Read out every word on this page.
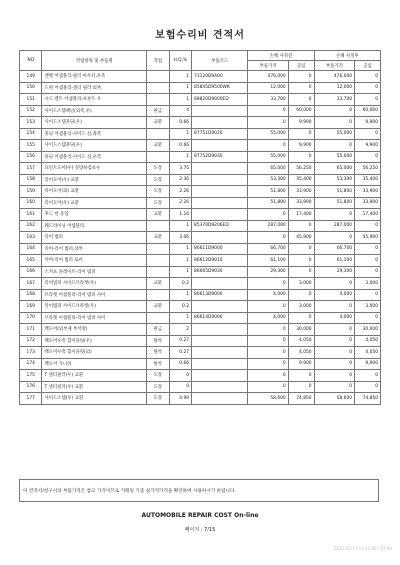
보험수리비 견적서
NO	작업항목 및 부품명	작업	H.Q.%	부품코드	손해 사정전		손해 사정후	
					부품가격	공임	부품가격	공임
149	앤벨 어셈블리-필러 아우터,우측		1	71120D9A00	476,000	0	476,000	0
150	드원 어셈블리-센터 필러 외부,		1	85845D9500WK	12,000	0	12,000	0
151	시드 밸트 어셈블리-프론트 우		1	88820D9000ED	33,700	0	33,700	0
152	사이드스텝패널(외측,우)	판금	4		0	60,000	0	60,000
153	사이드스텝몰딩(우)	교환	0.66		0	9,900	0	9,900
154	몰딩 어셈블리-사이드 실,좌측		1	87751D9020	55,000	0	55,000	0
155	사이드스텝몰딩(우)	교환	0.66		0	9,900	0	9,900
156	몰딩 어셈블리-사이드 실,우측		1	87752D9030	55,000	0	55,000	0
157	프런트도어(우) 질량하검보수	도장	3.75		65,000	56,250	65,000	56,250
158	리어도어(우) 교환	도장	2.36		53,300	35,400	53,300	35,400
159	리어도어(외) 교환	도장	2.26		51,800	33,900	51,800	33,900
160	리어도어(우) 교환	도장	2.26		51,800	33,900	51,800	33,900
161	후드 힌 동업	교환	1.16		0	17,400	0	17,400
162	웨드라이닝 어셈블리		1	85370D9206ED	287,000	0	287,000	0
163	리어 범퍼	교환	3.06		0	45,900	0	45,900
164	커버-리어 범퍼,상부		1	86611D9000	66,700	0	66,700	0
165	커버-리어 범퍼 로어		1	86612D9010	61,100	0	61,100	0
166	스커프 플레이트-리어 범퍼		1	86665D9030	29,300	0	29,300	0
167	리어범퍼 사이드브라켓(우)	교환	0.2		0	3,000	0	3,000
168	브라켓 어셈블리-리어 범퍼 사이		1	86613D9000	4,000	0	4,000	0
169	리어범퍼 사이드브라켓(우)	교환	0.2		0	3,000	0	3,000
170	브라켓 어셈블리-리어 범퍼 사이		1	86614D9000	4,000	0	4,000	0
171	백도어(외부제 부착망)	판금	2		0	30,000	0	30,000
172	백도어우측 힙이플릿(우)	탈착	0.27		0	4,050	0	4,050
173	백도어우측 힙이플릿(외)	탈착	0.27		0	4,050	0	4,050
174	백도어 가니쉬	탈착	0.66		0	9,900	0	9,900
175	T 센터필러(우) 교환	도장	0		0	0	0	0
176	T 센터필러(우) 교환	도장	0		0	0	0	0
177	사이드스텝(우) 교환	도장	4.99		58,600	74,850	58,600	74,850
이 견적서/청구서의 부품가격은 참고 가격이므로 거래일 기준 실가격가격을 확인하여 사용하시기 바랍니다.
AUTOMOBILE REPAIR COST On-line
페이지 : 7/15
2025-03-11 11:11:40 / 07:00
